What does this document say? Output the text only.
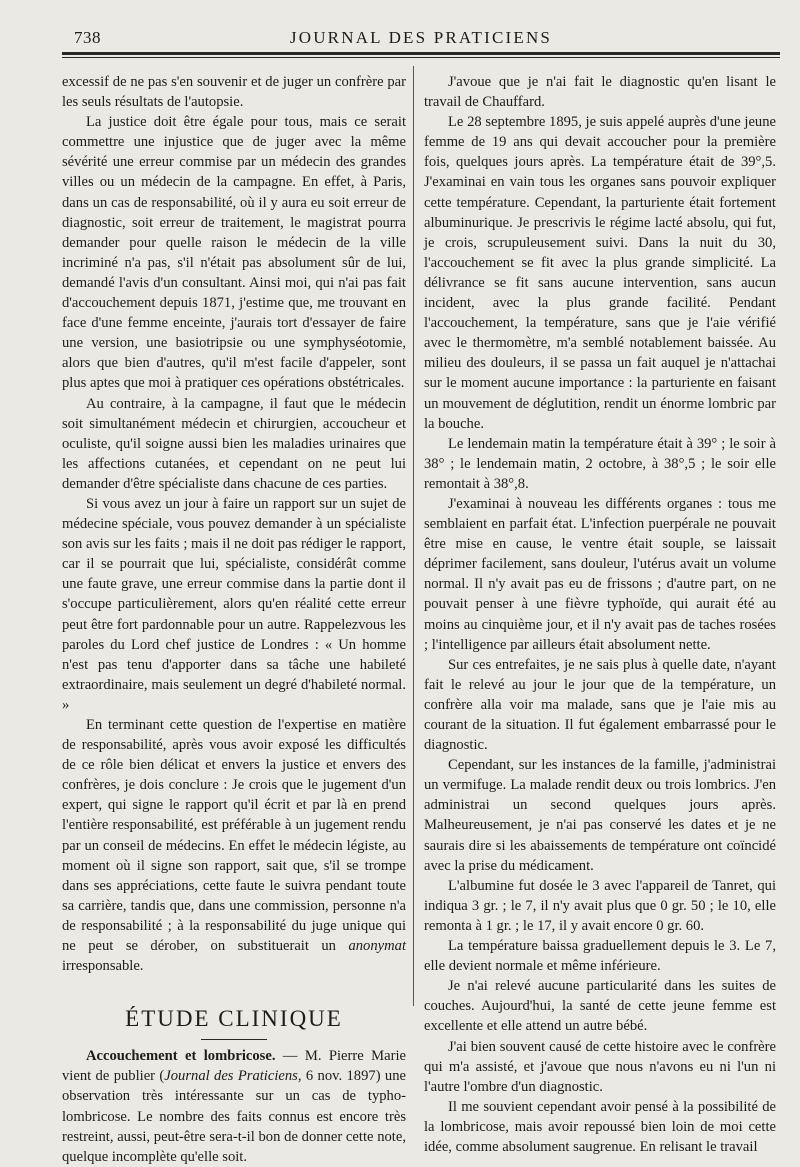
738	JOURNAL DES PRATICIENS

excessif de ne pas s'en souvenir et de juger un confrère par les seuls résultats de l'autopsie.

La justice doit être égale pour tous, mais ce serait commettre une injustice que de juger avec la même sévérité une erreur commise par un médecin des grandes villes ou un médecin de la campagne. En effet, à Paris, dans un cas de responsabilité, où il y aura eu soit erreur de diagnostic, soit erreur de traitement, le magistrat pourra demander pour quelle raison le médecin de la ville incriminé n'a pas, s'il n'était pas absolument sûr de lui, demandé l'avis d'un consultant. Ainsi moi, qui n'ai pas fait d'accouchement depuis 1871, j'estime que, me trouvant en face d'une femme enceinte, j'aurais tort d'essayer de faire une version, une basiotripsie ou une symphyséotomie, alors que bien d'autres, qu'il m'est facile d'appeler, sont plus aptes que moi à pratiquer ces opérations obstétricales.

Au contraire, à la campagne, il faut que le médecin soit simultanément médecin et chirurgien, accoucheur et oculiste, qu'il soigne aussi bien les maladies urinaires que les affections cutanées, et cependant on ne peut lui demander d'être spécialiste dans chacune de ces parties.

Si vous avez un jour à faire un rapport sur un sujet de médecine spéciale, vous pouvez demander à un spécialiste son avis sur les faits ; mais il ne doit pas rédiger le rapport, car il se pourrait que lui, spécialiste, considérât comme une faute grave, une erreur commise dans la partie dont il s'occupe particulièrement, alors qu'en réalité cette erreur peut être fort pardonnable pour un autre. Rappelezvous les paroles du Lord chef justice de Londres : « Un homme n'est pas tenu d'apporter dans sa tâche une habileté extraordinaire, mais seulement un degré d'habileté normal. »

En terminant cette question de l'expertise en matière de responsabilité, après vous avoir exposé les difficultés de ce rôle bien délicat et envers la justice et envers des confrères, je dois conclure : Je crois que le jugement d'un expert, qui signe le rapport qu'il écrit et par là en prend l'entière responsabilité, est préférable à un jugement rendu par un conseil de médecins. En effet le médecin légiste, au moment où il signe son rapport, sait que, s'il se trompe dans ses appréciations, cette faute le suivra pendant toute sa carrière, tandis que, dans une commission, personne n'a de responsabilité ; à la responsabilité du juge unique qui ne peut se dérober, on substituerait un anonymat irresponsable.

ÉTUDE CLINIQUE

Accouchement et lombricose. — M. Pierre Marie vient de publier (Journal des Praticiens, 6 nov. 1897) une observation très intéressante sur un cas de typho-lombricose. Le nombre des faits connus est encore très restreint, aussi, peut-être sera-t-il bon de donner cette note, quelque incomplète qu'elle soit.

J'avoue que je n'ai fait le diagnostic qu'en lisant le travail de Chauffard.

Le 28 septembre 1895, je suis appelé auprès d'une jeune femme de 19 ans qui devait accoucher pour la première fois, quelques jours après. La température était de 39°,5. J'examinai en vain tous les organes sans pouvoir expliquer cette température. Cependant, la parturiente était fortement albuminurique. Je prescrivis le régime lacté absolu, qui fut, je crois, scrupuleusement suivi. Dans la nuit du 30, l'accouchement se fit avec la plus grande simplicité. La délivrance se fit sans aucune intervention, sans aucun incident, avec la plus grande facilité. Pendant l'accouchement, la température, sans que je l'aie vérifié avec le thermomètre, m'a semblé notablement baissée. Au milieu des douleurs, il se passa un fait auquel je n'attachai sur le moment aucune importance : la parturiente en faisant un mouvement de déglutition, rendit un énorme lombric par la bouche.

Le lendemain matin la température était à 39° ; le soir à 38° ; le lendemain matin, 2 octobre, à 38°,5 ; le soir elle remontait à 38°,8.

J'examinai à nouveau les différents organes : tous me semblaient en parfait état. L'infection puerpérale ne pouvait être mise en cause, le ventre était souple, se laissait déprimer facilement, sans douleur, l'utérus avait un volume normal. Il n'y avait pas eu de frissons ; d'autre part, on ne pouvait penser à une fièvre typhoïde, qui aurait été au moins au cinquième jour, et il n'y avait pas de taches rosées ; l'intelligence par ailleurs était absolument nette.

Sur ces entrefaites, je ne sais plus à quelle date, n'ayant fait le relevé au jour le jour que de la température, un confrère alla voir ma malade, sans que je l'aie mis au courant de la situation. Il fut également embarrassé pour le diagnostic.

Cependant, sur les instances de la famille, j'administrai un vermifuge. La malade rendit deux ou trois lombrics. J'en administrai un second quelques jours après. Malheureusement, je n'ai pas conservé les dates et je ne saurais dire si les abaissements de température ont coïncidé avec la prise du médicament.

L'albumine fut dosée le 3 avec l'appareil de Tanret, qui indiqua 3 gr. ; le 7, il n'y avait plus que 0 gr. 50 ; le 10, elle remonta à 1 gr. ; le 17, il y avait encore 0 gr. 60.

La température baissa graduellement depuis le 3. Le 7, elle devient normale et même inférieure.

Je n'ai relevé aucune particularité dans les suites de couches. Aujourd'hui, la santé de cette jeune femme est excellente et elle attend un autre bébé.

J'ai bien souvent causé de cette histoire avec le confrère qui m'a assisté, et j'avoue que nous n'avons eu ni l'un ni l'autre l'ombre d'un diagnostic.

Il me souvient cependant avoir pensé à la possibilité de la lombricose, mais avoir repoussé bien loin de moi cette idée, comme absolument saugrenue. En relisant le travail
